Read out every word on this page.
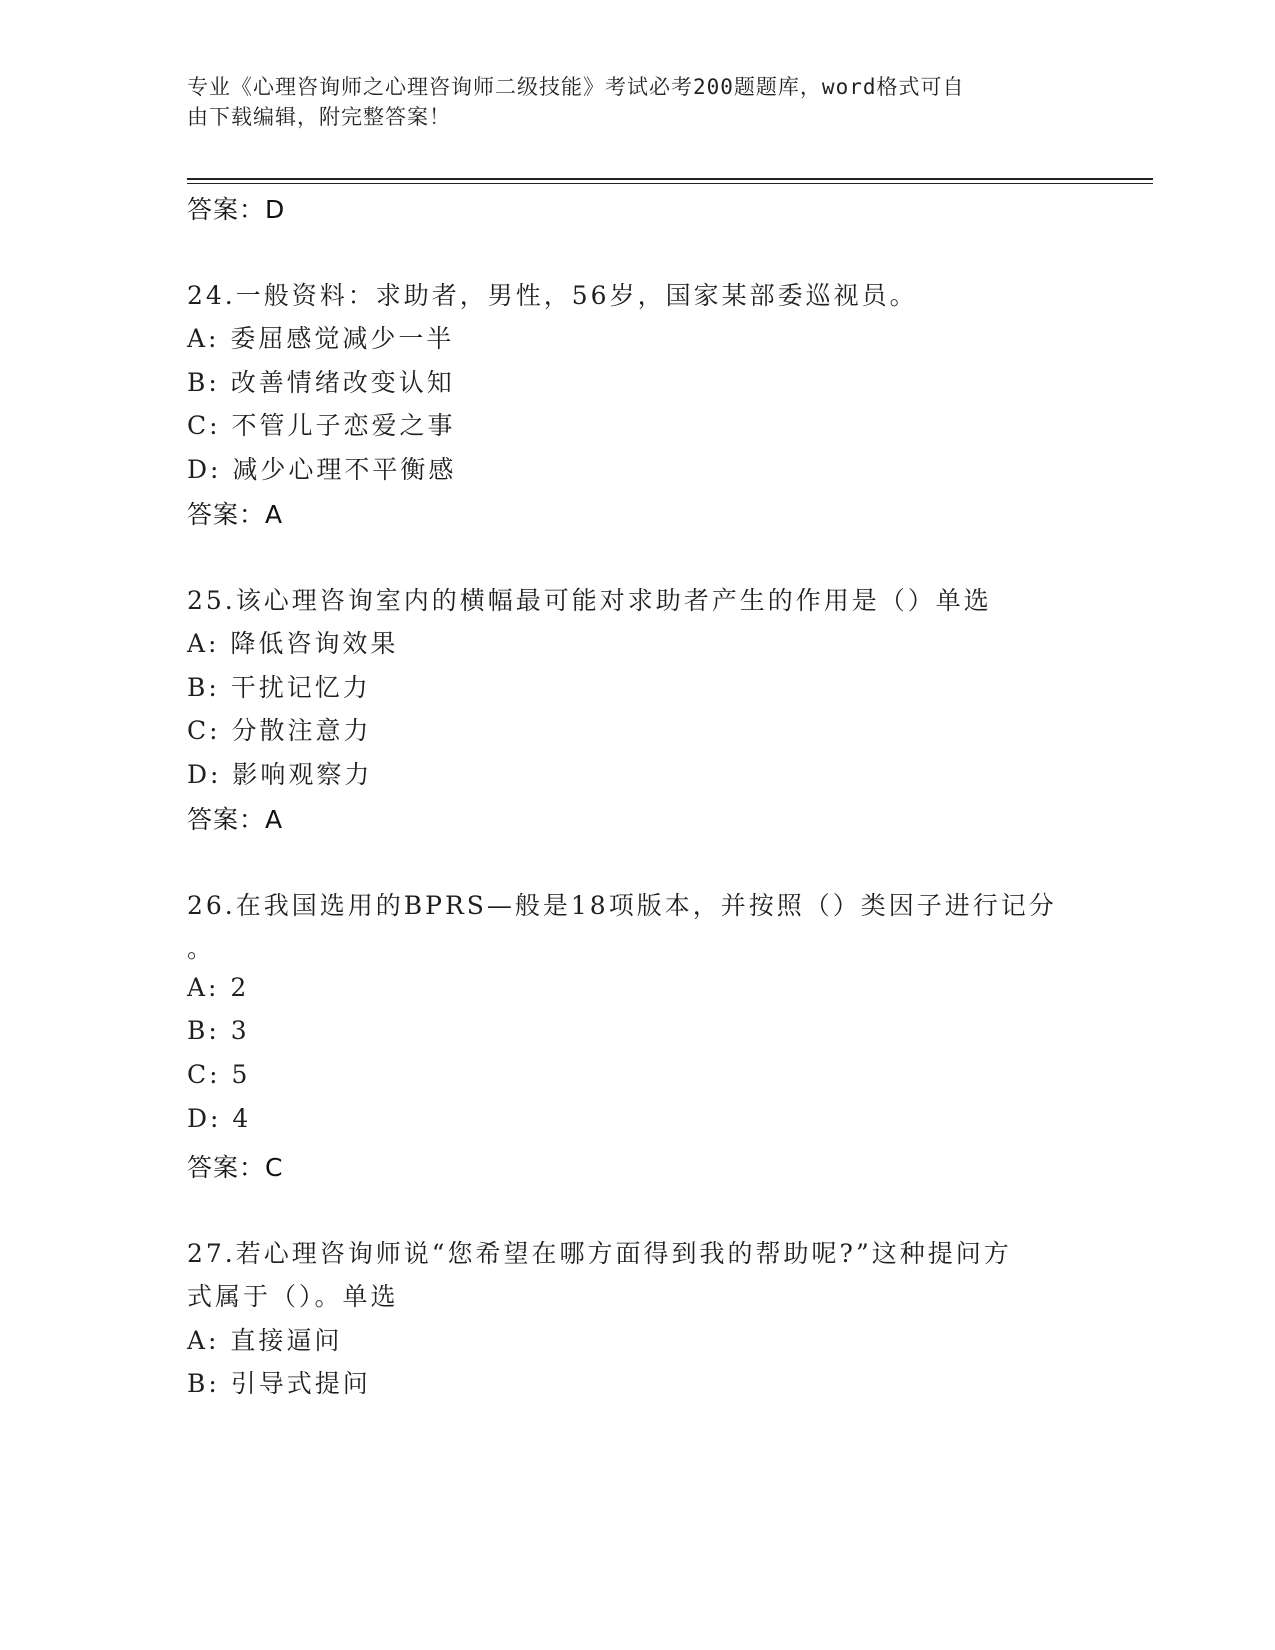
专业《心理咨询师之心理咨询师二级技能》考试必考200题题库，word格式可自
由下载编辑，附完整答案！
答案：D
24.一般资料：求助者，男性，56岁，国家某部委巡视员。
A: 委屈感觉减少一半
B: 改善情绪改变认知
C: 不管儿子恋爱之事
D: 减少心理不平衡感
答案：A
25.该心理咨询室内的横幅最可能对求助者产生的作用是（）单选
A: 降低咨询效果
B: 干扰记忆力
C: 分散注意力
D: 影响观察力
答案：A
26.在我国选用的BPRS—般是18项版本，并按照（）类因子进行记分
。
A: 2
B: 3
C: 5
D: 4
答案：C
27.若心理咨询师说“您希望在哪方面得到我的帮助呢?”这种提问方
式属于（）。单选
A: 直接逼问
B: 引导式提问
